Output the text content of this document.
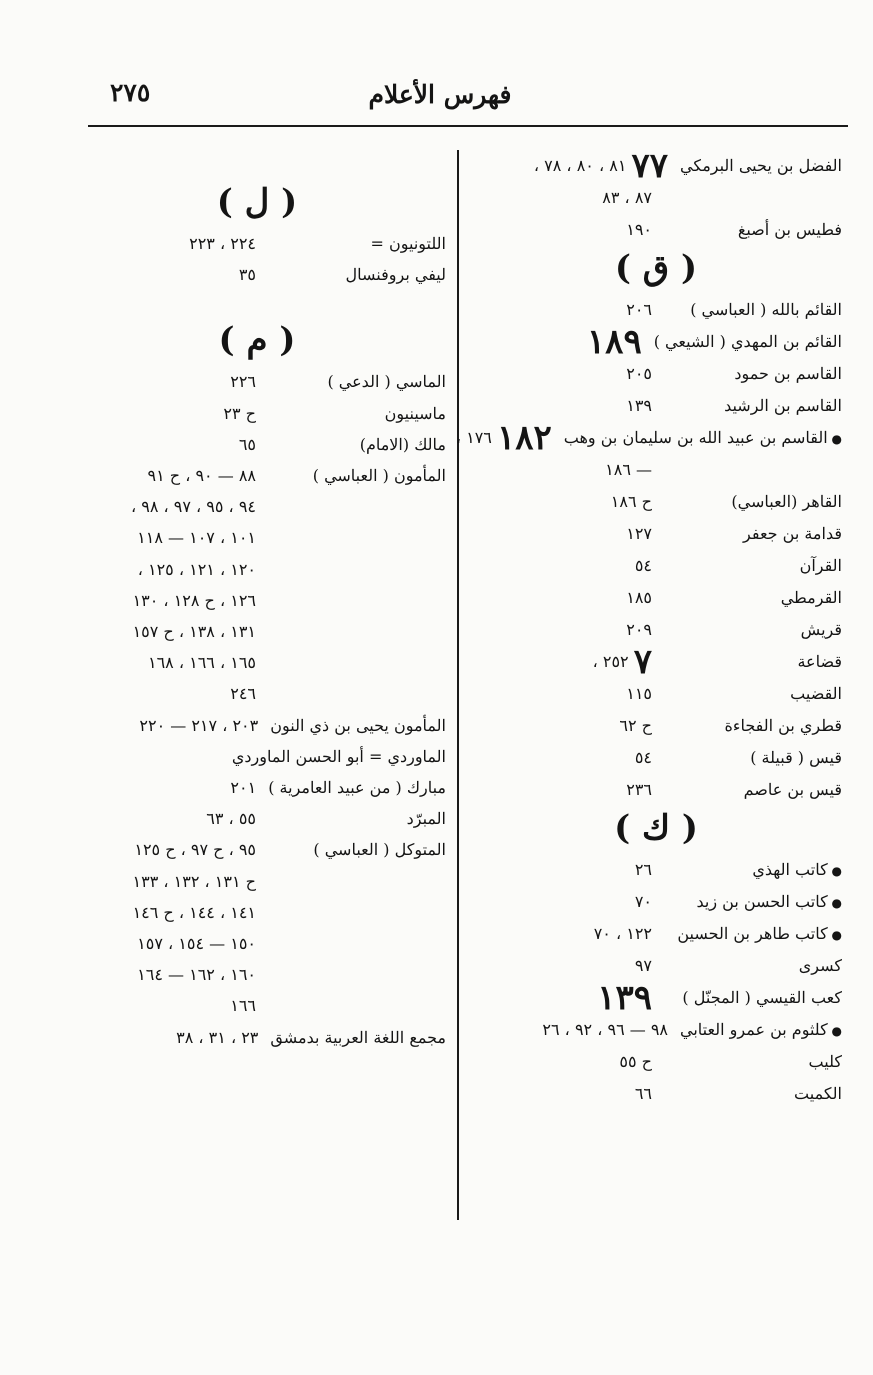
فهرس الأعلام
٢٧٥
الفضل بن يحيى البرمكي٧٧ ٨١ ، ٨٠ ، ٧٨ ،
٨٧ ، ٨٣
فطيس بن أصبغ
١٩٠
( ق )
القائم بالله ( العباسي )
٢٠٦
القائم بن المهدي ( الشيعي )١٨٩
القاسم بن حمود
٢٠٥
القاسم بن الرشيد
١٣٩
● القاسم بن عبيد الله بن سليمان بن وهب١٨٢ ١٧٦ ،
— ١٨٦
القاهر (العباسي)
ح ١٨٦
قدامة بن جعفر
١٢٧
القرآن
٥٤
القرمطي
١٨٥
قريش
٢٠٩
قضاعة
٧ ٢٥٢ ،
القضيب
١١٥
قطري بن الفجاءة
ح ٦٢
قيس ( قبيلة )
٥٤
قيس بن عاصم
٢٣٦
( ك )
● كاتب الهذي
٢٦
● كاتب الحسن بن زيد
٧٠
● كاتب طاهر بن الحسين
١٢٢ ، ٧٠
كسرى
٩٧
كعب القيسي ( المجنّل )
١٣٩
● كلثوم بن عمرو العتابي٩٨ — ٩٦ ، ٩٢ ، ٢٦
كليب
ح ٥٥
الكميت
٦٦
( ل )
اللتونيون =
٢٢٤ ، ٢٢٣
ليفي بروفنسال
٣٥
( م )
الماسي ( الدعي )
٢٢٦
ماسينيون
ح ٢٣
مالك (الامام)
٦٥
المأمون ( العباسي )
٨٨ — ٩٠ ، ح ٩١
٩٤ ، ٩٥ ، ٩٧ ، ٩٨ ،
١٠١ ، ١٠٧ — ١١٨
١٢٠ ، ١٢١ ، ١٢٥ ،
١٢٦ ، ح ١٢٨ ، ١٣٠
١٣١ ، ١٣٨ ، ح ١٥٧
١٦٥ ، ١٦٦ ، ١٦٨
٢٤٦
المأمون يحيى بن ذي النون٢٠٣ ، ٢١٧ — ٢٢٠
الماوردي = أبو الحسن الماوردي
مبارك ( من عبيد العامرية )٢٠١
المبرّد
٥٥ ، ٦٣
المتوكل ( العباسي )
٩٥ ، ح ٩٧ ، ح ١٢٥
ح ١٣١ ، ١٣٢ ، ١٣٣
١٤١ ، ١٤٤ ، ح ١٤٦
١٥٠ — ١٥٤ ، ١٥٧
١٦٠ ، ١٦٢ — ١٦٤
١٦٦
مجمع اللغة العربية بدمشق٢٣ ، ٣١ ، ٣٨
